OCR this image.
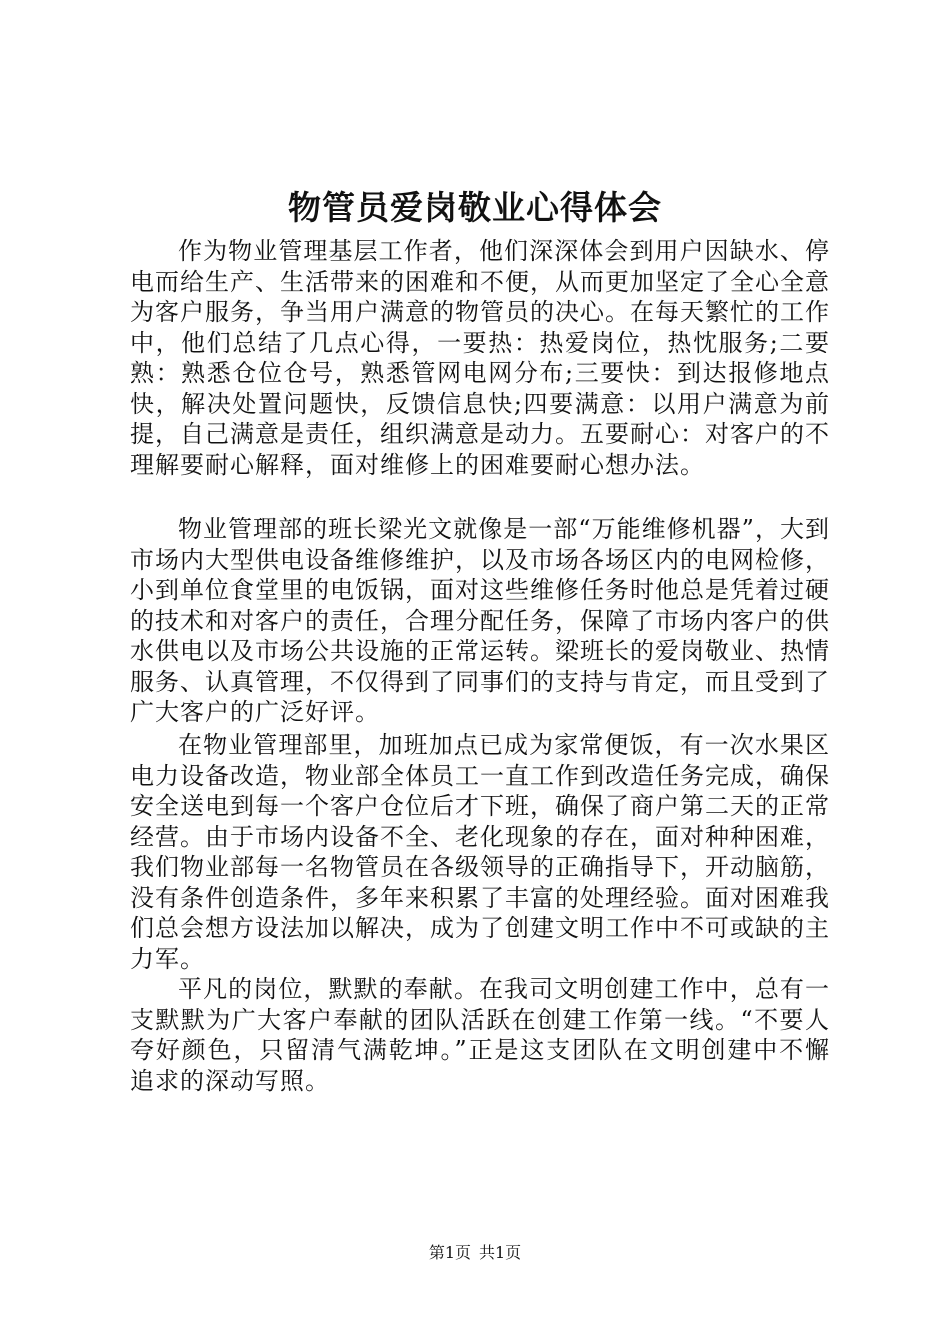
物管员爱岗敬业心得体会

作为物业管理基层工作者，他们深深体会到用户因缺水、停电而给生产、生活带来的困难和不便，从而更加坚定了全心全意为客户服务，争当用户满意的物管员的决心。在每天繁忙的工作中，他们总结了几点心得，一要热：热爱岗位，热忱服务;二要熟：熟悉仓位仓号，熟悉管网电网分布;三要快：到达报修地点快，解决处置问题快，反馈信息快;四要满意：以用户满意为前提，自己满意是责任，组织满意是动力。五要耐心：对客户的不理解要耐心解释，面对维修上的困难要耐心想办法。

物业管理部的班长梁光文就像是一部“万能维修机器”，大到市场内大型供电设备维修维护，以及市场各场区内的电网检修，小到单位食堂里的电饭锅，面对这些维修任务时他总是凭着过硬的技术和对客户的责任，合理分配任务，保障了市场内客户的供水供电以及市场公共设施的正常运转。梁班长的爱岗敬业、热情服务、认真管理，不仅得到了同事们的支持与肯定，而且受到了广大客户的广泛好评。

在物业管理部里，加班加点已成为家常便饭，有一次水果区电力设备改造，物业部全体员工一直工作到改造任务完成，确保安全送电到每一个客户仓位后才下班，确保了商户第二天的正常经营。由于市场内设备不全、老化现象的存在，面对种种困难，我们物业部每一名物管员在各级领导的正确指导下，开动脑筋，没有条件创造条件，多年来积累了丰富的处理经验。面对困难我们总会想方设法加以解决，成为了创建文明工作中不可或缺的主力军。

平凡的岗位，默默的奉献。在我司文明创建工作中，总有一支默默为广大客户奉献的团队活跃在创建工作第一线。“不要人夸好颜色，只留清气满乾坤。”正是这支团队在文明创建中不懈追求的深动写照。

第1页 共1页
